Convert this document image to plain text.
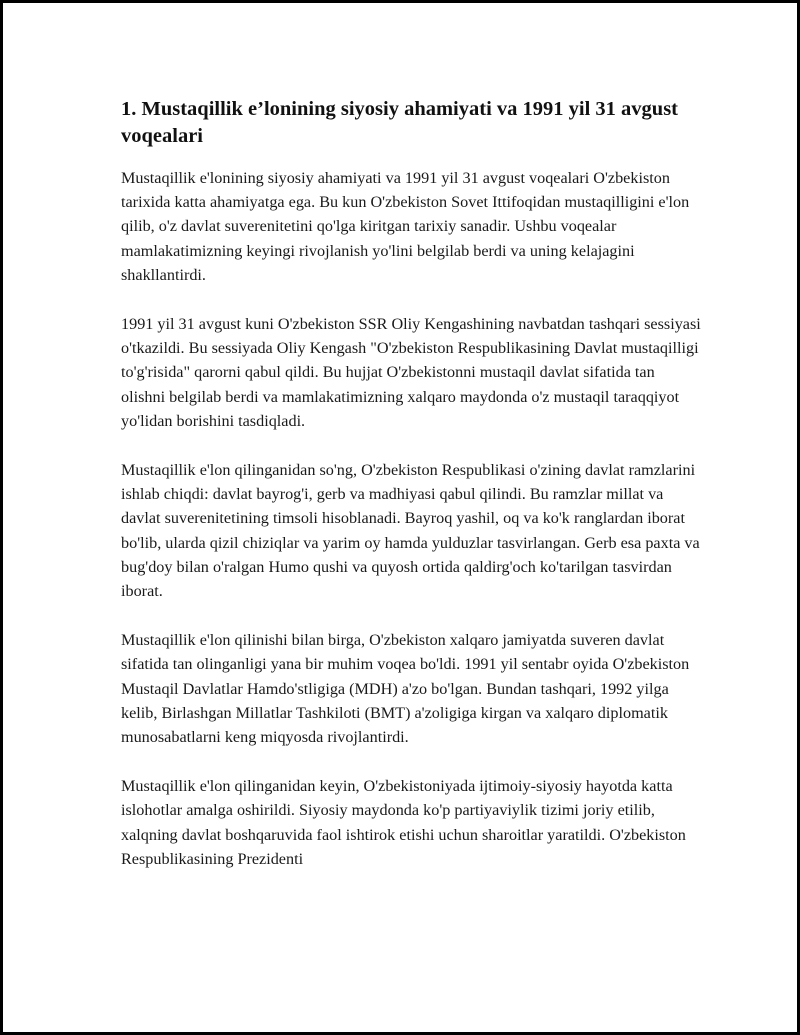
1. Mustaqillik e’lonining siyosiy ahamiyati va 1991 yil 31 avgust voqealari

Mustaqillik e'lonining siyosiy ahamiyati va 1991 yil 31 avgust voqealari O'zbekiston tarixida katta ahamiyatga ega. Bu kun O'zbekiston Sovet Ittifoqidan mustaqilligini e'lon qilib, o'z davlat suverenitetini qo'lga kiritgan tarixiy sanadir. Ushbu voqealar mamlakatimizning keyingi rivojlanish yo'lini belgilab berdi va uning kelajagini shakllantirdi.

1991 yil 31 avgust kuni O'zbekiston SSR Oliy Kengashining navbatdan tashqari sessiyasi o'tkazildi. Bu sessiyada Oliy Kengash "O'zbekiston Respublikasining Davlat mustaqilligi to'g'risida" qarorni qabul qildi. Bu hujjat O'zbekistonni mustaqil davlat sifatida tan olishni belgilab berdi va mamlakatimizning xalqaro maydonda o'z mustaqil taraqqiyot yo'lidan borishini tasdiqladi.

Mustaqillik e'lon qilinganidan so'ng, O'zbekiston Respublikasi o'zining davlat ramzlarini ishlab chiqdi: davlat bayrog'i, gerb va madhiyasi qabul qilindi. Bu ramzlar millat va davlat suverenitetining timsoli hisoblanadi. Bayroq yashil, oq va ko'k ranglardan iborat bo'lib, ularda qizil chiziqlar va yarim oy hamda yulduzlar tasvirlangan. Gerb esa paxta va bug'doy bilan o'ralgan Humo qushi va quyosh ortida qaldirg'och ko'tarilgan tasvirdan iborat.

Mustaqillik e'lon qilinishi bilan birga, O'zbekiston xalqaro jamiyatda suveren davlat sifatida tan olinganligi yana bir muhim voqea bo'ldi. 1991 yil sentabr oyida O'zbekiston Mustaqil Davlatlar Hamdo'stligiga (MDH) a'zo bo'lgan. Bundan tashqari, 1992 yilga kelib, Birlashgan Millatlar Tashkiloti (BMT) a'zoligiga kirgan va xalqaro diplomatik munosabatlarni keng miqyosda rivojlantirdi.

Mustaqillik e'lon qilinganidan keyin, O'zbekistoniyada ijtimoiy-siyosiy hayotda katta islohotlar amalga oshirildi. Siyosiy maydonda ko'p partiyaviylik tizimi joriy etilib, xalqning davlat boshqaruvida faol ishtirok etishi uchun sharoitlar yaratildi. O'zbekiston Respublikasining Prezidenti
